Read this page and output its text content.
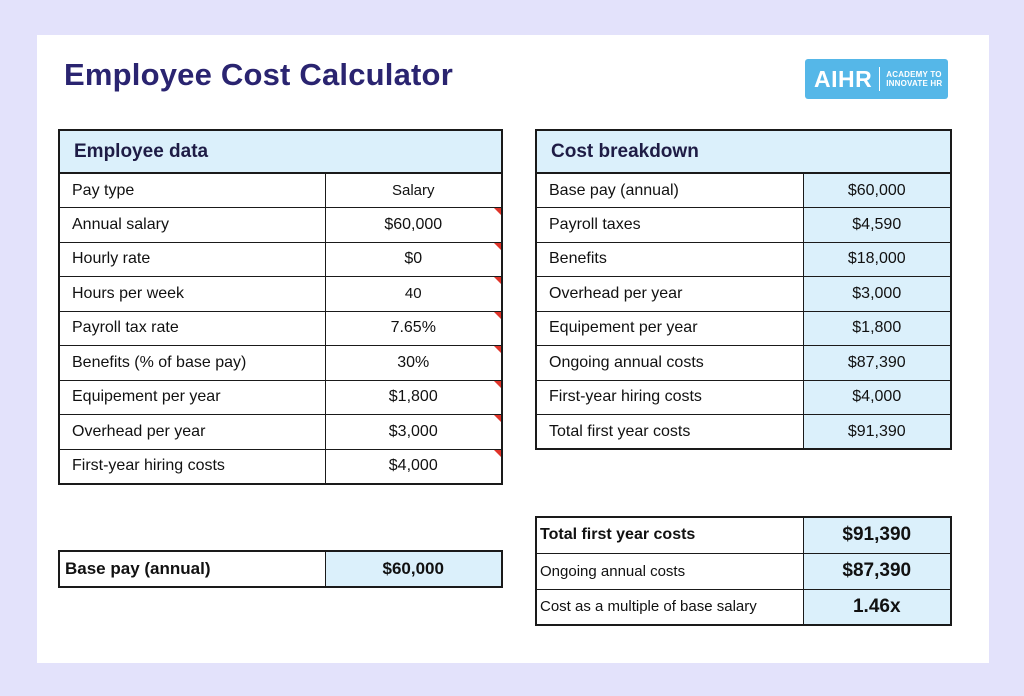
Employee Cost Calculator	AIHR ACADEMY TO
INNOVATE HR
Employee data	
Pay type	Salary
Annual salary	$60,000

Hourly rate	$0

Hours per week	40

Payroll tax rate	7.65%

Benefits (% of base pay)	30%

Equipement per year	$1,800

Overhead per year	$3,000

First-year hiring costs	$4,000
Cost breakdown	
Base pay (annual)	$60,000
Payroll taxes	$4,590
Benefits	$18,000
Overhead per year	$3,000
Equipement per year	$1,800
Ongoing annual costs	$87,390
First-year hiring costs	$4,000
Total first year costs	$91,390
Base pay (annual)	$60,000
Total first year costs	$91,390
Ongoing annual costs	$87,390
Cost as a multiple of base salary	1.46x
